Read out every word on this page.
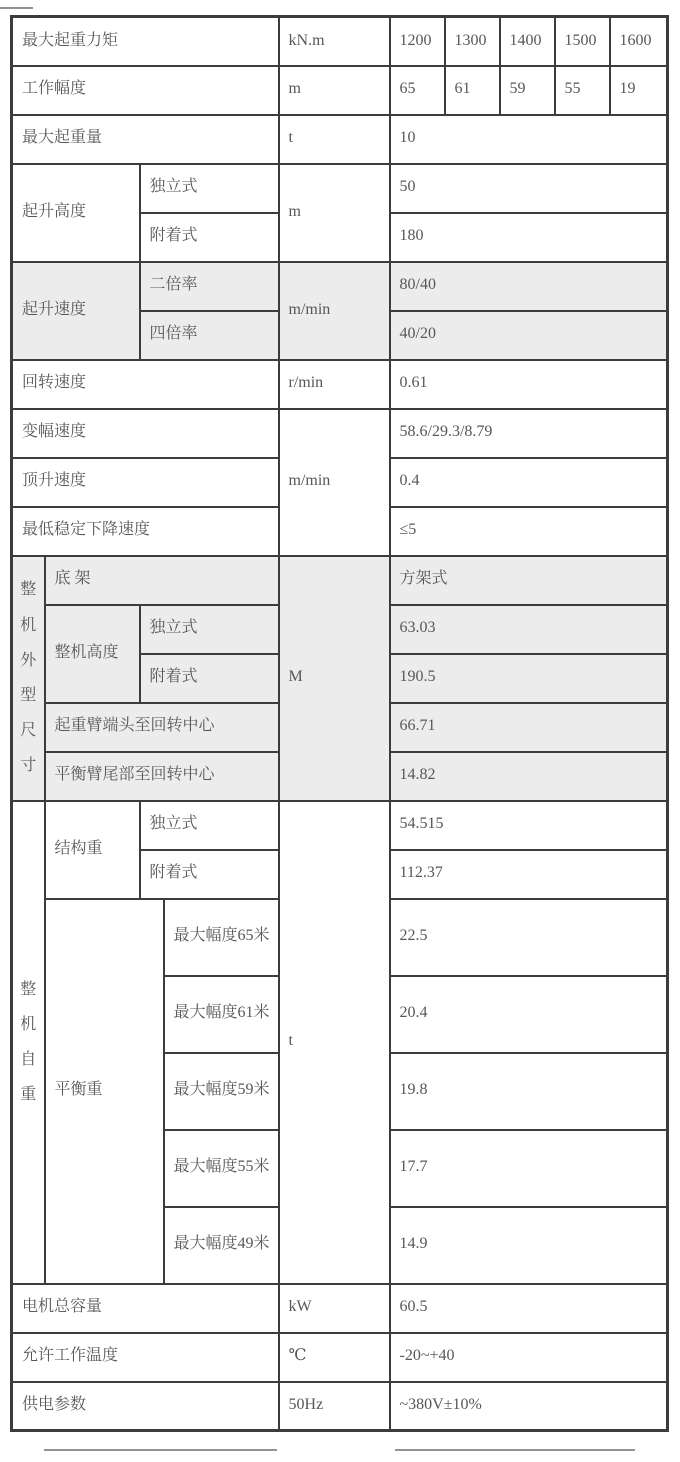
最大起重力矩				kN.m	1200	1300	1400	1500	1600
工作幅度				m	65	61	59	55	19
最大起重量				t	10				
起升高度		独立式		m	50				
		附着式			180				
起升速度		二倍率		m/min	80/40				
		四倍率			40/20				
回转速度				r/min	0.61				
变幅速度				m/min	58.6/29.3/8.79				
顶升速度					0.4				
最低稳定下降速度					≤5				
整机外型尺寸	底 架			M	方架式				
	整机高度	独立式			63.03				
		附着式			190.5				
	起重臂端头至回转中心				66.71				
	平衡臂尾部至回转中心				14.82				
整机自重	结构重	独立式		t	54.515				
		附着式			112.37				
	平衡重		最大幅度65米		22.5				
			最大幅度61米		20.4				
			最大幅度59米		19.8				
			最大幅度55米		17.7				
			最大幅度49米		14.9				
电机总容量				kW	60.5				
允许工作温度				℃	-20~+40				
供电参数				50Hz	~380V±10%				
